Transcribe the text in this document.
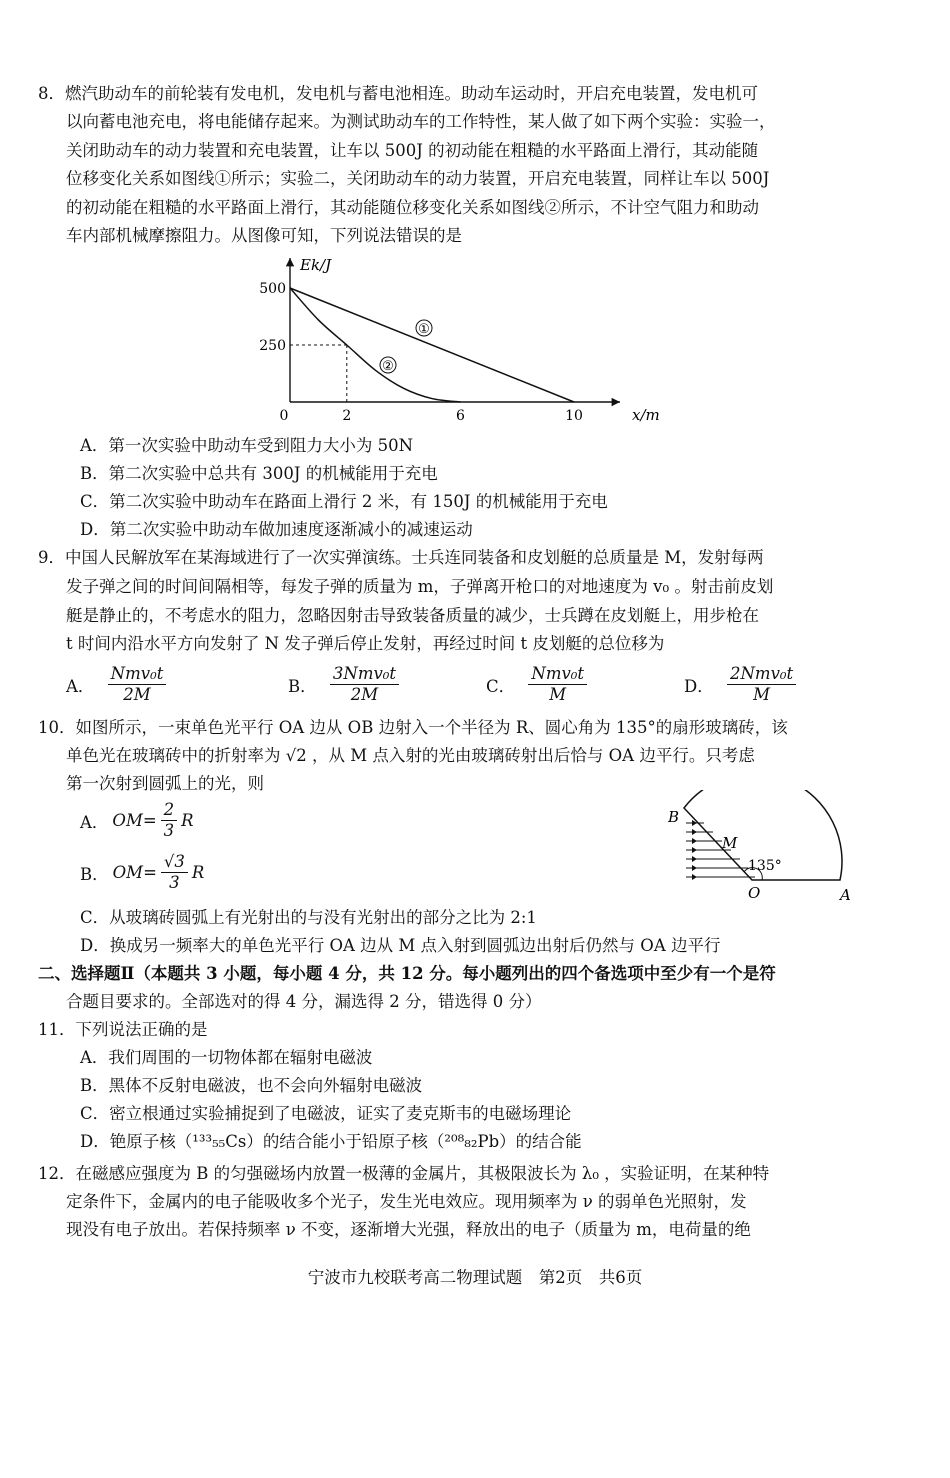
8．燃汽助动车的前轮装有发电机，发电机与蓄电池相连。助动车运动时，开启充电装置，发电机可
以向蓄电池充电，将电能储存起来。为测试助动车的工作特性，某人做了如下两个实验：实验一，
关闭助动车的动力装置和充电装置，让车以 500J 的初动能在粗糙的水平路面上滑行，其动能随
位移变化关系如图线①所示；实验二，关闭助动车的动力装置，开启充电装置，同样让车以 500J
的初动能在粗糙的水平路面上滑行，其动能随位移变化关系如图线②所示，不计空气阻力和助动
车内部机械摩擦阻力。从图像可知，下列说法错误的是
Ek/J
x/m
0
250
500
2	6	10
①
②
A．第一次实验中助动车受到阻力大小为 50N
B．第二次实验中总共有 300J 的机械能用于充电
C．第二次实验中助动车在路面上滑行 2 米，有 150J 的机械能用于充电
D．第二次实验中助动车做加速度逐渐减小的减速运动
9．中国人民解放军在某海域进行了一次实弹演练。士兵连同装备和皮划艇的总质量是 M，发射每两
发子弹之间的时间间隔相等，每发子弹的质量为 m，子弹离开枪口的对地速度为 v₀ 。射击前皮划
艇是静止的，不考虑水的阻力，忽略因射击导致装备质量的减少，士兵蹲在皮划艇上，用步枪在
t 时间内沿水平方向发射了 N 发子弹后停止发射，再经过时间 t 皮划艇的总位移为
A． $\frac{\text{Nmv₀t}}{2M}$	B． $\frac{\text{3Nmv₀t}}{2M}$	C． $\frac{\text{Nmv₀t}}{M}$	D． $\frac{\text{2Nmv₀t}}{M}$
10．如图所示，一束单色光平行 OA 边从 OB 边射入一个半径为 R、圆心角为 135°的扇形玻璃砖，该
单色光在玻璃砖中的折射率为 √2 ，从 M 点入射的光由玻璃砖射出后恰与 OA 边平行。只考虑
第一次射到圆弧上的光，则
A． $OM= \frac{2}{3}$ R
B． $OM= \frac{√3}{3}$ R
B
M
135°
O	A
C．从玻璃砖圆弧上有光射出的与没有光射出的部分之比为 2:1
D．换成另一频率大的单色光平行 OA 边从 M 点入射到圆弧边出射后仍然与 OA 边平行
二、选择题Ⅱ（本题共 3 小题，每小题 4 分，共 12 分。每小题列出的四个备选项中至少有一个是符
合题目要求的。全部选对的得 4 分，漏选得 2 分，错选得 0 分）
11．下列说法正确的是
A．我们周围的一切物体都在辐射电磁波
B．黑体不反射电磁波，也不会向外辐射电磁波
C．密立根通过实验捕捉到了电磁波，证实了麦克斯韦的电磁场理论
D．铯原子核（¹³³₅₅Cs）的结合能小于铅原子核（²⁰⁸₈₂Pb）的结合能
12．在磁感应强度为 B 的匀强磁场内放置一极薄的金属片，其极限波长为 λ₀ ，实验证明，在某种特
定条件下，金属内的电子能吸收多个光子，发生光电效应。现用频率为 ν 的弱单色光照射，发
现没有电子放出。若保持频率 ν 不变，逐渐增大光强，释放出的电子（质量为 m，电荷量的绝
宁波市九校联考高二物理试题　第2页　共6页
